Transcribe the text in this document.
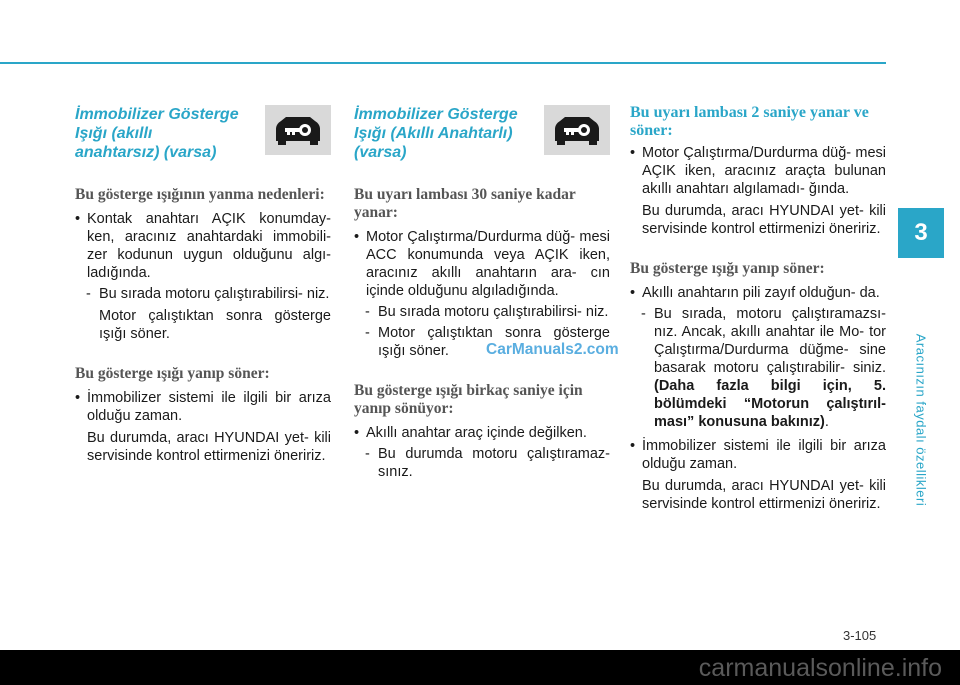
İmmobilizer Gösterge Işığı (akıllı anahtarsız) (varsa)
Bu gösterge ışığının yanma nedenleri:

• Kontak anahtarı AÇIK konumday- ken, aracınız anahtardaki immobili- zer kodunun uygun olduğunu algı- ladığında.

- Bu sırada motoru çalıştırabilirsi- niz.

Motor çalıştıktan sonra gösterge ışığı söner.

Bu gösterge ışığı yanıp söner:

• İmmobilizer sistemi ile ilgili bir arıza olduğu zaman.

Bu durumda, aracı HYUNDAI yet- kili servisinde kontrol ettirmenizi öneririz.

İmmobilizer Gösterge Işığı (Akıllı Anahtarlı) (varsa)
Bu uyarı lambası 30 saniye kadar yanar:

• Motor Çalıştırma/Durdurma düğ- mesi ACC konumunda veya AÇIK iken, aracınız akıllı anahtarın ara- cın içinde olduğunu algıladığında.

- Bu sırada motoru çalıştırabilirsi- niz.

- Motor çalıştıktan sonra gösterge ışığı söner.

Bu gösterge ışığı birkaç saniye için yanıp sönüyor:

• Akıllı anahtar araç içinde değilken.

- Bu durumda motoru çalıştıramaz- sınız.

Bu uyarı lambası 2 saniye yanar ve söner:

• Motor Çalıştırma/Durdurma düğ- mesi AÇIK iken, aracınız araçta bulunan akıllı anahtarı algılamadı- ğında.

Bu durumda, aracı HYUNDAI yet- kili servisinde kontrol ettirmenizi öneririz.

Bu gösterge ışığı yanıp söner:

• Akıllı anahtarın pili zayıf olduğun- da.

- Bu sırada, motoru çalıştıramazsı- nız. Ancak, akıllı anahtar ile Mo- tor Çalıştırma/Durdurma düğme- sine basarak motoru çalıştırabilir- siniz. (Daha fazla bilgi için, 5. bölümdeki “Motorun çalıştırıl- ması” konusuna bakınız).

• İmmobilizer sistemi ile ilgili bir arıza olduğu zaman.

Bu durumda, aracı HYUNDAI yet- kili servisinde kontrol ettirmenizi öneririz.

CarManuals2.com
3
Aracınızın faydalı özellikleri
3-105
carmanualsonline.info
